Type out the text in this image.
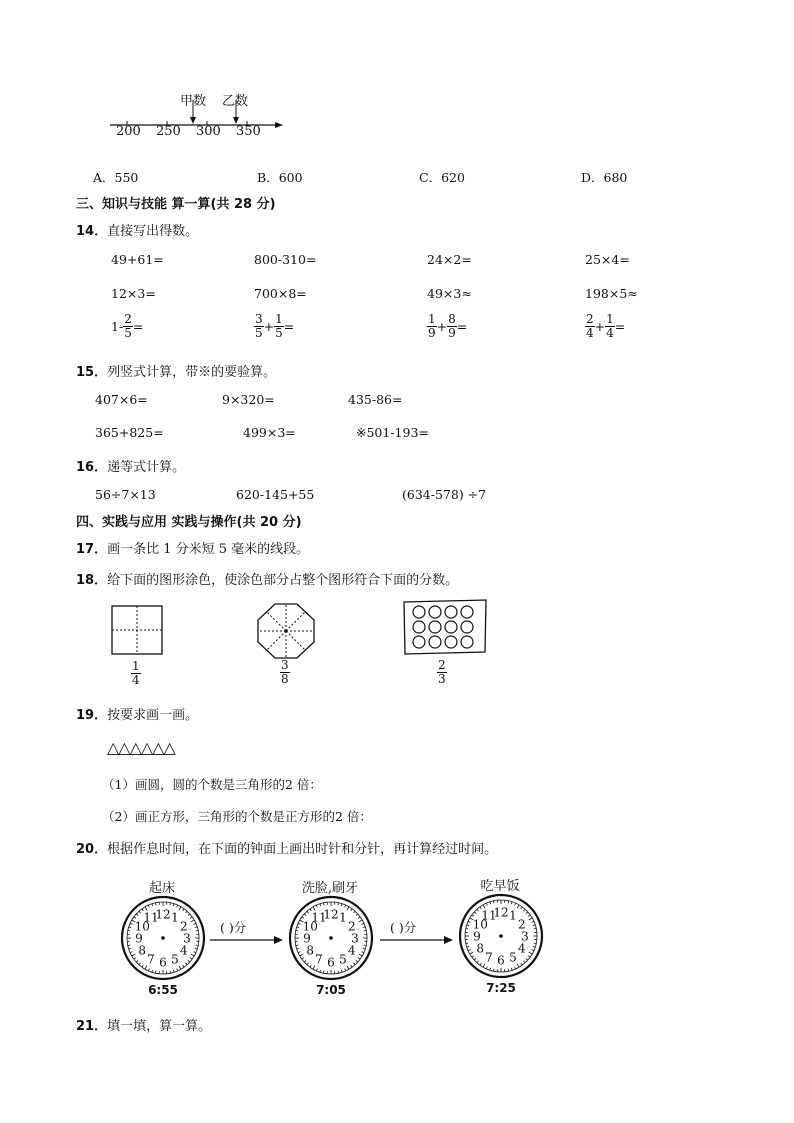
甲数 乙数
200 250 300 350
A．550	B．600	C．620	D．680
三、知识与技能 算一算(共 28 分)
14．直接写出得数。
49+61=	800-310=	24×2=	25×4=
12×3=	700×8=	49×3≈	198×5≈
$1- \frac{2}{5}$ =	$\frac{3}{5} + \frac{1}{5}$ =	$\frac{1}{9} + \frac{8}{9}$ =	$\frac{2}{4} + \frac{1}{4}$ =
15．列竖式计算，带※的要验算。
407×6=	9×320=	435-86=
365+825=	499×3=	※501-193=
16．递等式计算。
56÷7×13	620-145+55	(634-578) ÷7
四、实践与应用 实践与操作(共 20 分)
17．画一条比 1 分米短 5 毫米的线段。
18．给下面的图形涂色，使涂色部分占整个图形符合下面的分数。
$\frac{1}{4}$	$\frac{3}{8}$	$\frac{2}{3}$
19．按要求画一画。
△△△△△△
（1）画圆，圆的个数是三角形的2 倍：
（2）画正方形，三角形的个数是正方形的2 倍：
20．根据作息时间，在下面的钟面上画出时针和分针，再计算经过时间。
起床	洗脸,刷牙	吃早饭
12 1
2
3
4
5
6
7
8
9
10
11	12 1
2
3
4
5
6
7
8
9
10
11	12 1
2
3
4
5
6
7
8
9
10
11
6:55	7:05	7:25
( )分	( )分
21．填一填，算一算。
